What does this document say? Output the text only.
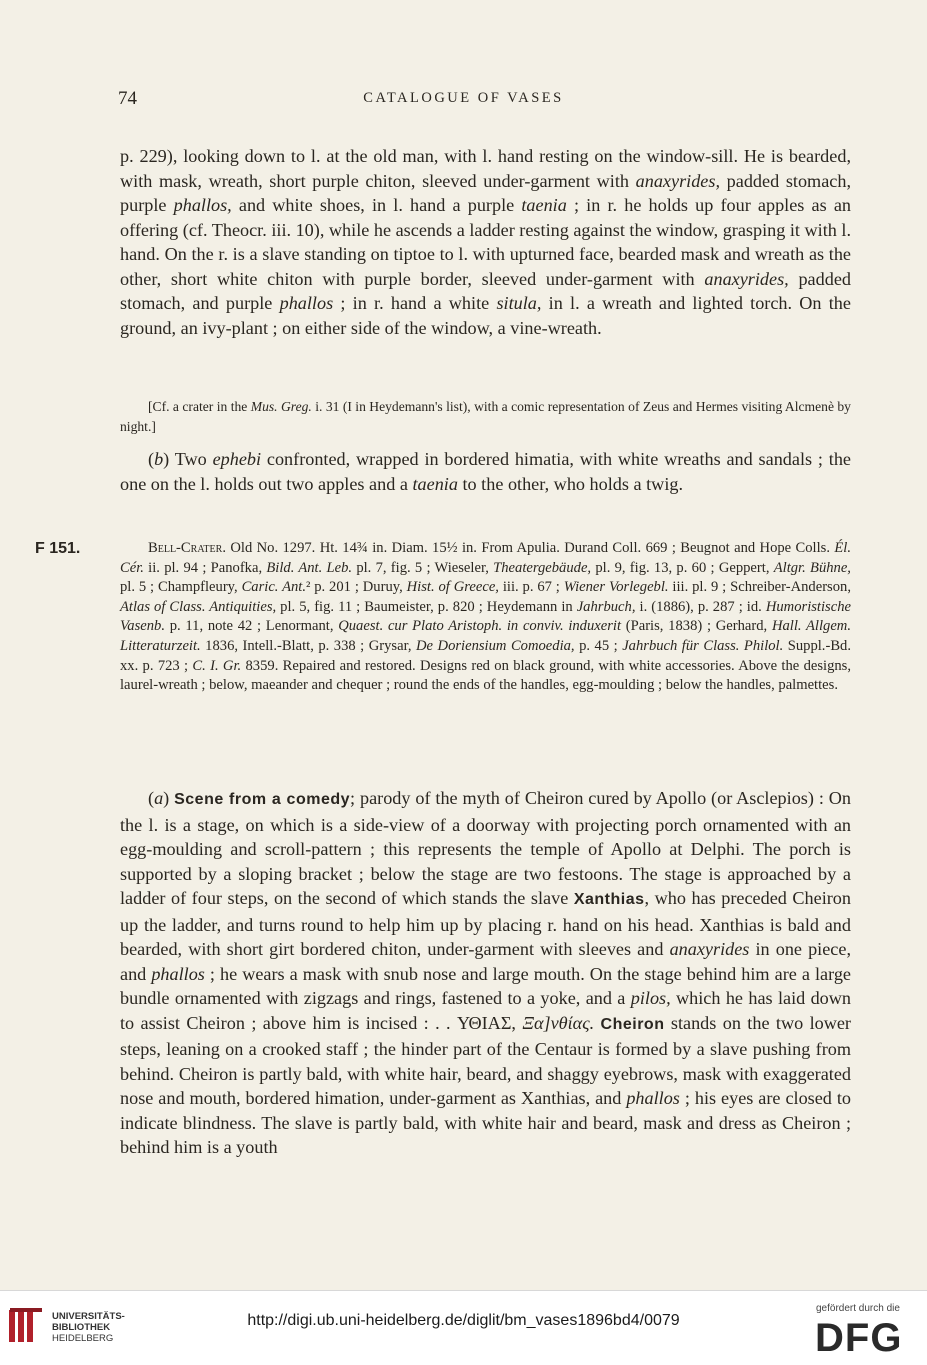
74	CATALOGUE OF VASES

p. 229), looking down to l. at the old man, with l. hand resting on the window-sill. He is bearded, with mask, wreath, short purple chiton, sleeved under-garment with anaxyrides, padded stomach, purple phallos, and white shoes, in l. hand a purple taenia ; in r. he holds up four apples as an offering (cf. Theocr. iii. 10), while he ascends a ladder resting against the window, grasping it with l. hand. On the r. is a slave standing on tiptoe to l. with upturned face, bearded mask and wreath as the other, short white chiton with purple border, sleeved under-garment with anaxyrides, padded stomach, and purple phallos ; in r. hand a white situla, in l. a wreath and lighted torch. On the ground, an ivy-plant ; on either side of the window, a vine-wreath.

[Cf. a crater in the Mus. Greg. i. 31 (I in Heydemann's list), with a comic representation of Zeus and Hermes visiting Alcmenè by night.]

(b) Two ephebi confronted, wrapped in bordered himatia, with white wreaths and sandals ; the one on the l. holds out two apples and a taenia to the other, who holds a twig.

F 151.	Bell-Crater. Old No. 1297. Ht. 14¾ in. Diam. 15½ in. From Apulia. Durand Coll. 669 ; Beugnot and Hope Colls. Él. Cér. ii. pl. 94 ; Panofka, Bild. Ant. Leb. pl. 7, fig. 5 ; Wieseler, Theatergebäude, pl. 9, fig. 13, p. 60 ; Geppert, Altgr. Bühne, pl. 5 ; Champfleury, Caric. Ant.² p. 201 ; Duruy, Hist. of Greece, iii. p. 67 ; Wiener Vorlegebl. iii. pl. 9 ; Schreiber-Anderson, Atlas of Class. Antiquities, pl. 5, fig. 11 ; Baumeister, p. 820 ; Heydemann in Jahrbuch, i. (1886), p. 287 ; id. Humoristische Vasenb. p. 11, note 42 ; Lenormant, Quaest. cur Plato Aristoph. in conviv. induxerit (Paris, 1838) ; Gerhard, Hall. Allgem. Litteraturzeit. 1836, Intell.-Blatt, p. 338 ; Grysar, De Doriensium Comoedia, p. 45 ; Jahrbuch für Class. Philol. Suppl.-Bd. xx. p. 723 ; C. I. Gr. 8359. Repaired and restored. Designs red on black ground, with white accessories. Above the designs, laurel-wreath ; below, maeander and chequer ; round the ends of the handles, egg-moulding ; below the handles, palmettes.

(a) Scene from a comedy; parody of the myth of Cheiron cured by Apollo (or Asclepios) : On the l. is a stage, on which is a side-view of a doorway with projecting porch ornamented with an egg-moulding and scroll-pattern ; this represents the temple of Apollo at Delphi. The porch is supported by a sloping bracket ; below the stage are two festoons. The stage is approached by a ladder of four steps, on the second of which stands the slave Xanthias, who has preceded Cheiron up the ladder, and turns round to help him up by placing r. hand on his head. Xanthias is bald and bearded, with short girt bordered chiton, under-garment with sleeves and anaxyrides in one piece, and phallos ; he wears a mask with snub nose and large mouth. On the stage behind him are a large bundle ornamented with zigzags and rings, fastened to a yoke, and a pilos, which he has laid down to assist Cheiron ; above him is incised : . . ΥΘΙΑΣ, Ξα]νθίας. Cheiron stands on the two lower steps, leaning on a crooked staff ; the hinder part of the Centaur is formed by a slave pushing from behind. Cheiron is partly bald, with white hair, beard, and shaggy eyebrows, mask with exaggerated nose and mouth, bordered himation, under-garment as Xanthias, and phallos ; his eyes are closed to indicate blindness. The slave is partly bald, with white hair and beard, mask and dress as Cheiron ; behind him is a youth

UNIVERSITÄTS-
BIBLIOTHEK
HEIDELBERG
http://digi.ub.uni-heidelberg.de/diglit/bm_vases1896bd4/0079
gefördert durch die
DFG
